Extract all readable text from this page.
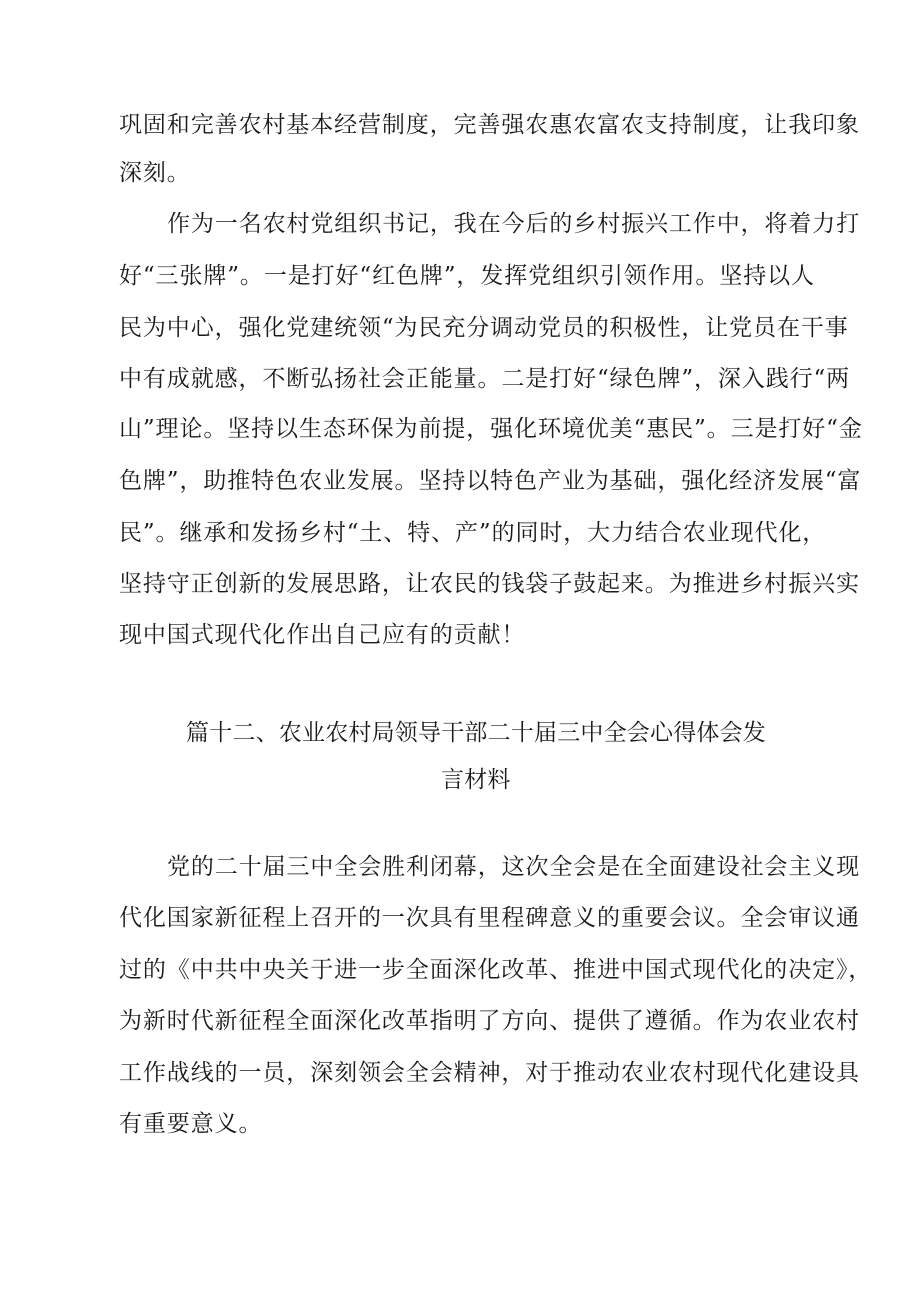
巩固和完善农村基本经营制度，完善强农惠农富农支持制度，让我印象

深刻。

作为一名农村党组织书记，我在今后的乡村振兴工作中，将着力打

好“三张牌”。一是打好“红色牌”，发挥党组织引领作用。坚持以人

民为中心，强化党建统领“为民充分调动党员的积极性，让党员在干事

中有成就感，不断弘扬社会正能量。二是打好“绿色牌”，深入践行“两

山”理论。坚持以生态环保为前提，强化环境优美“惠民”。三是打好“金

色牌”，助推特色农业发展。坚持以特色产业为基础，强化经济发展“富

民”。继承和发扬乡村“土、特、产”的同时，大力结合农业现代化，

坚持守正创新的发展思路，让农民的钱袋子鼓起来。为推进乡村振兴实

现中国式现代化作出自己应有的贡献！

篇十二、农业农村局领导干部二十届三中全会心得体会发

言材料

党的二十届三中全会胜利闭幕，这次全会是在全面建设社会主义现

代化国家新征程上召开的一次具有里程碑意义的重要会议。全会审议通

过的《中共中央关于进一步全面深化改革、推进中国式现代化的决定》，

为新时代新征程全面深化改革指明了方向、提供了遵循。作为农业农村

工作战线的一员，深刻领会全会精神，对于推动农业农村现代化建设具

有重要意义。
